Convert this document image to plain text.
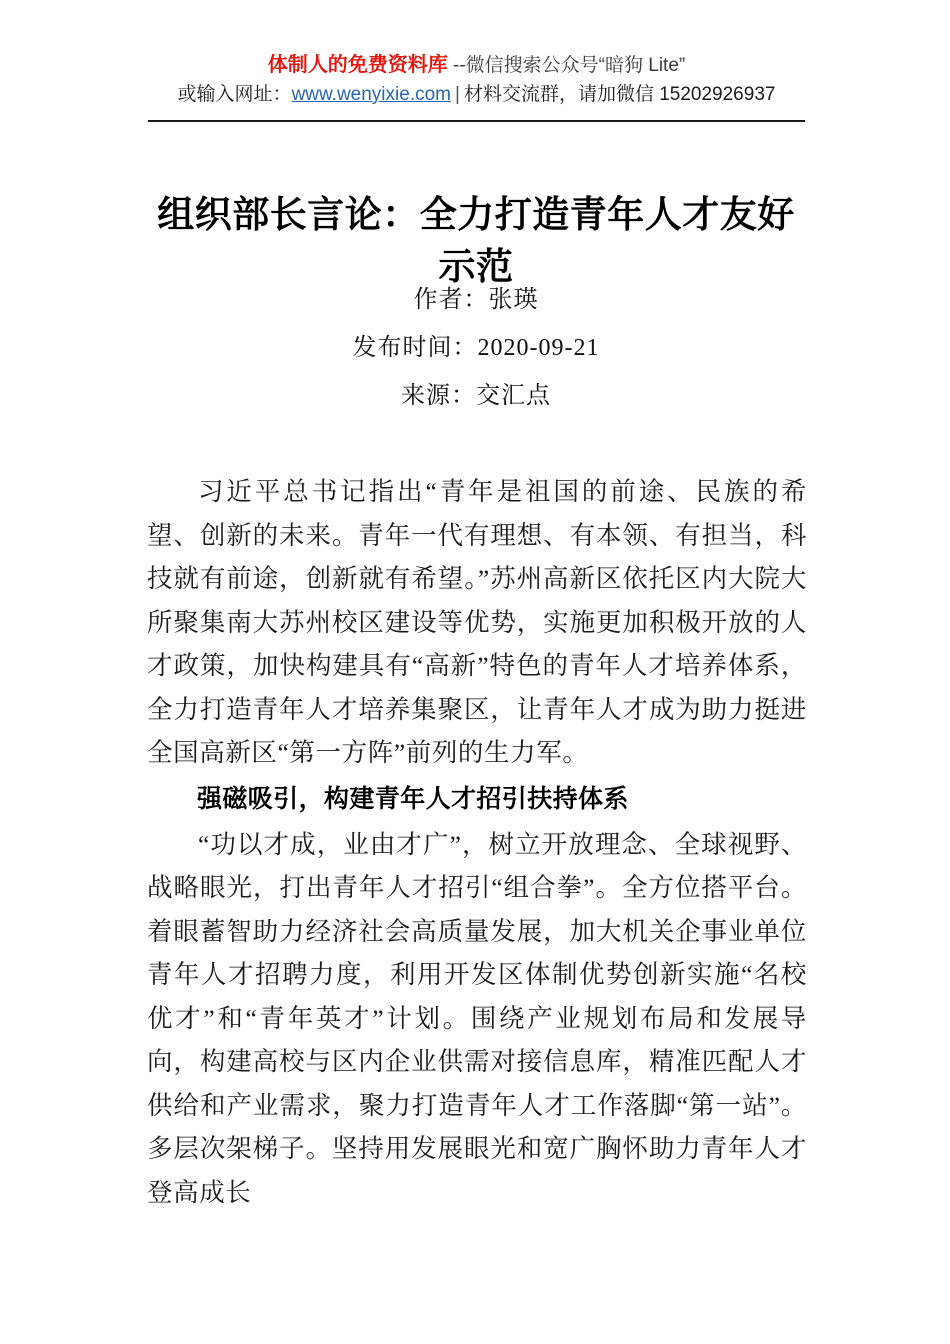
体制人的免费资料库 --微信搜索公众号“暗狗 Lite”
或输入网址：www.wenyixie.com | 材料交流群，请加微信 15202926937
组织部长言论：全力打造青年人才友好示范
作者：张瑛
发布时间：2020-09-21
来源：交汇点

习近平总书记指出“青年是祖国的前途、民族的希望、创新的未来。青年一代有理想、有本领、有担当，科技就有前途，创新就有希望。”苏州高新区依托区内大院大所聚集南大苏州校区建设等优势，实施更加积极开放的人才政策，加快构建具有“高新”特色的青年人才培养体系，全力打造青年人才培养集聚区，让青年人才成为助力挺进全国高新区“第一方阵”前列的生力军。

强磁吸引，构建青年人才招引扶持体系

“功以才成，业由才广”，树立开放理念、全球视野、战略眼光，打出青年人才招引“组合拳”。全方位搭平台。着眼蓄智助力经济社会高质量发展，加大机关企事业单位青年人才招聘力度，利用开发区体制优势创新实施“名校优才”和“青年英才”计划。围绕产业规划布局和发展导向，构建高校与区内企业供需对接信息库，精准匹配人才供给和产业需求，聚力打造青年人才工作落脚“第一站”。多层次架梯子。坚持用发展眼光和宽广胸怀助力青年人才登高成长
